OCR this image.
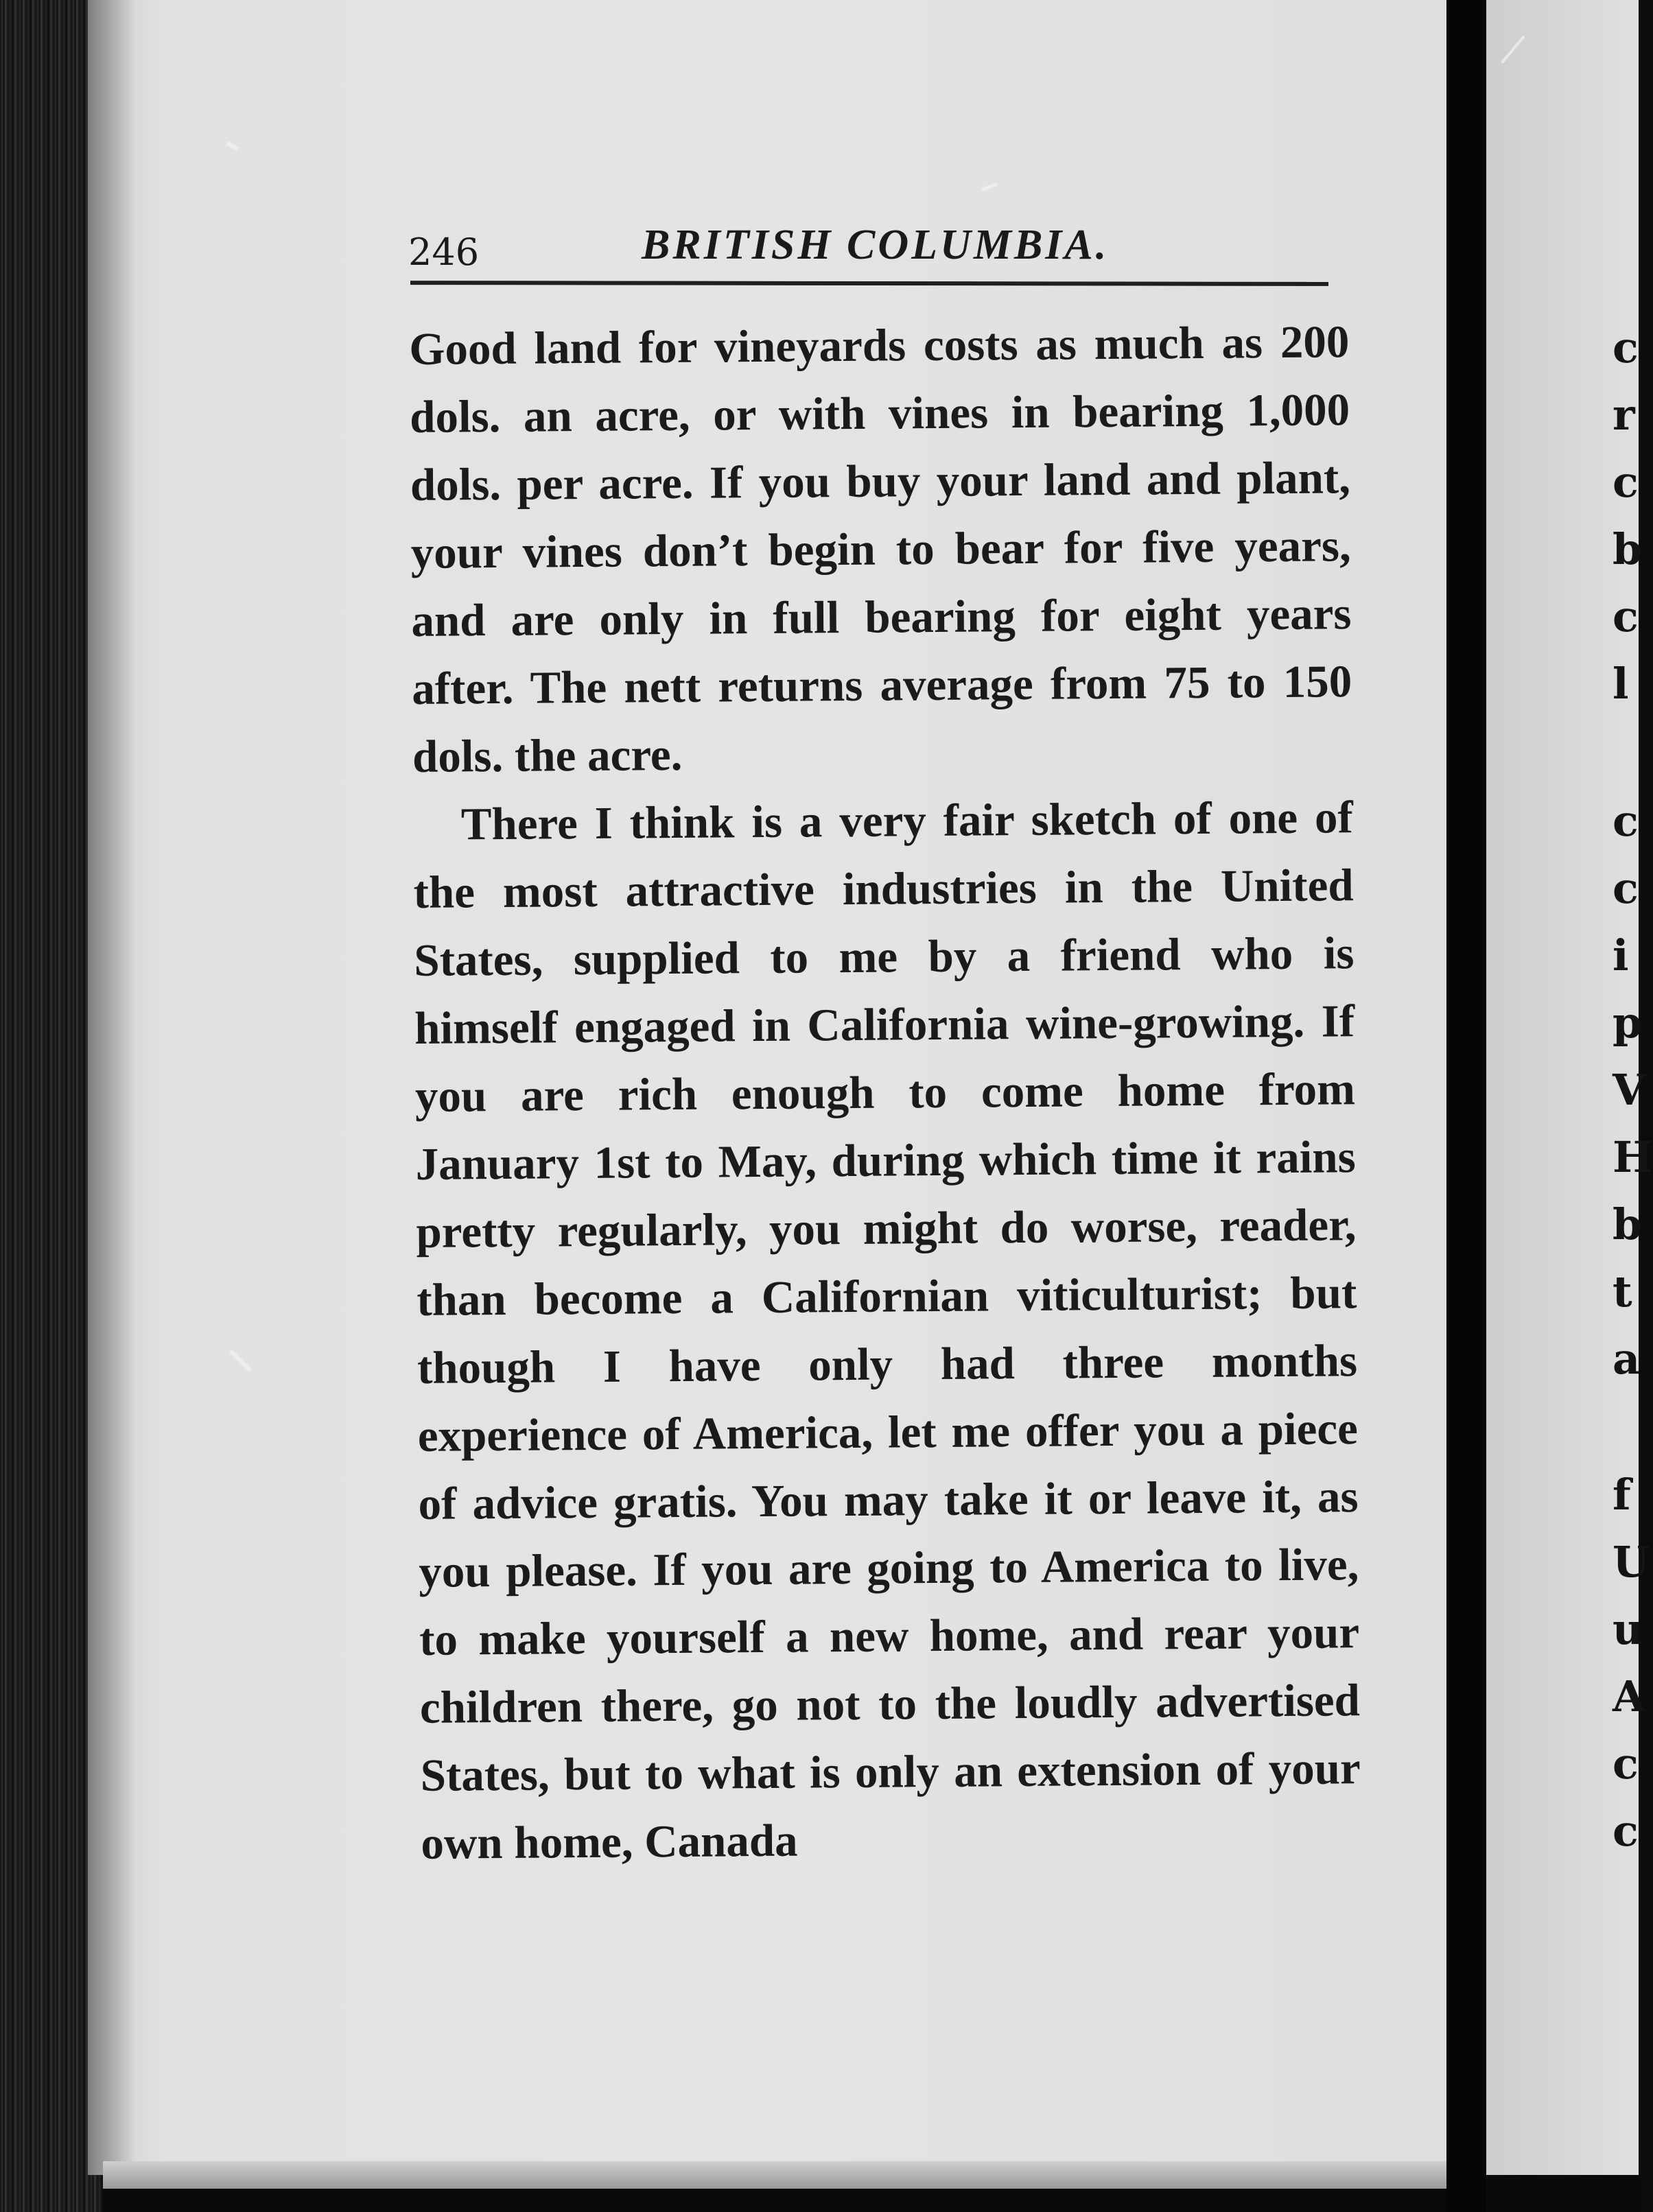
c
r
c
b
c
l
c
c
i
p
V
H
b
t
a
f
U
u
A
c
c
246	BRITISH COLUMBIA.

Good land for vineyards costs as much as 200 dols. an acre, or with vines in bearing 1,000 dols. per acre. If you buy your land and plant, your vines don’t begin to bear for five years, and are only in full bearing for eight years after. The nett returns average from 75 to 150 dols. the acre.

There I think is a very fair sketch of one of the most attractive industries in the United States, supplied to me by a friend who is himself engaged in California wine-growing. If you are rich enough to come home from January 1st to May, during which time it rains pretty regularly, you might do worse, reader, than become a Californian viticulturist; but though I have only had three months experience of America, let me offer you a piece of advice gratis. You may take it or leave it, as you please. If you are going to America to live, to make yourself a new home, and rear your children there, go not to the loudly advertised States, but to what is only an extension of your own home, Canada
